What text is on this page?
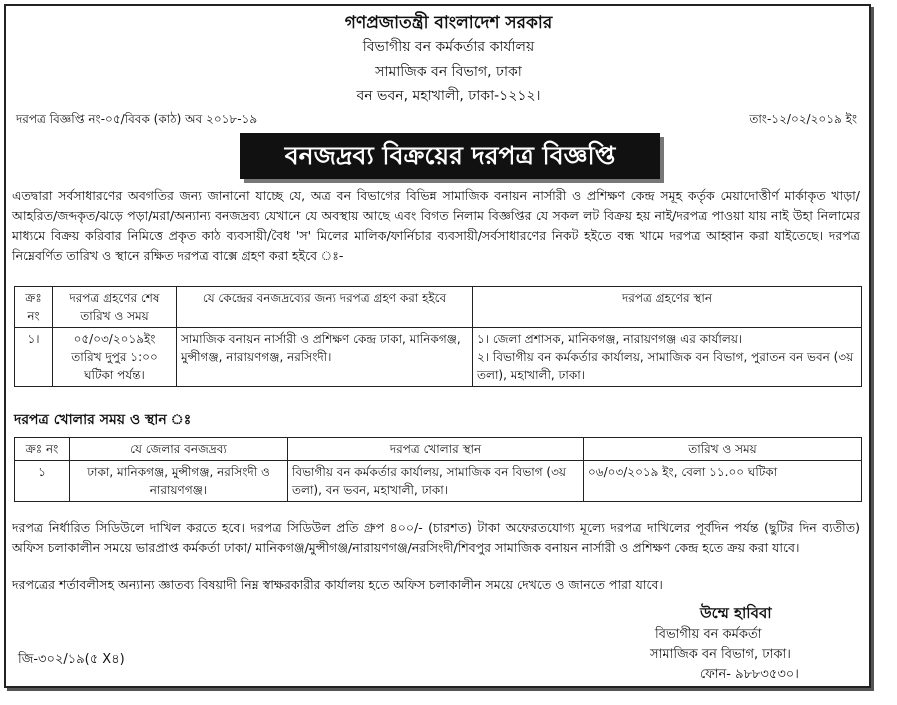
গণপ্রজাতন্ত্রী বাংলাদেশ সরকার
বিভাগীয় বন কর্মকর্তার কার্যালয়
সামাজিক বন বিভাগ, ঢাকা
বন ভবন, মহাখালী, ঢাকা-১২১২।
দরপত্র বিজ্ঞপ্তি নং-০৫/বিবক (কাঠ) অব ২০১৮-১৯	তাং-১২/০২/২০১৯ ইং
বনজদ্রব্য বিক্রয়ের দরপত্র বিজ্ঞপ্তি
এতদ্বারা সর্বসাধারণের অবগতির জন্য জানানো যাচ্ছে যে, অত্র বন বিভাগের বিভিন্ন সামাজিক বনায়ন নার্সারী ও প্রশিক্ষণ কেন্দ্র সমূহ কর্তৃক মেয়াদোত্তীর্ণ মার্কাকৃত খাড়া/আহরিত/জব্দকৃত/ঝড়ে পড়া/মরা/অন্যান্য বনজদ্রব্য যেখানে যে অবস্থায় আছে এবং বিগত নিলাম বিজ্ঞপ্তির যে সকল লট বিক্রয় হয় নাই/দরপত্র পাওয়া যায় নাই উহা নিলামের মাধ্যমে বিক্রয় করিবার নিমিত্তে প্রকৃত কাঠ ব্যবসায়ী/বৈধ 'স' মিলের মালিক/ফার্নিচার ব্যবসায়ী/সর্বসাধারণের নিকট হইতে বন্ধ খামে দরপত্র আহ্বান করা যাইতেছে। দরপত্র নিম্নেবর্ণিত তারিখ ও স্থানে রক্ষিত দরপত্র বাক্সে গ্রহণ করা হইবে ঃ-
ক্রঃ নং	দরপত্র গ্রহণের শেষ তারিখ ও সময়	যে কেন্দ্রের বনজদ্রব্যের জন্য দরপত্র গ্রহণ করা হইবে	দরপত্র গ্রহণের স্থান
১।	০৫/০৩/২০১৯ইং তারিখ দুপুর ১:০০ ঘটিকা পর্যন্ত।	সামাজিক বনায়ন নার্সারী ও প্রশিক্ষণ কেন্দ্র ঢাকা, মানিকগঞ্জ, মুন্সীগঞ্জ, নারায়ণগঞ্জ, নরসিংদী।	১। জেলা প্রশাসক, মানিকগঞ্জ, নারায়ণগঞ্জ এর কার্যালয়।
২। বিভাগীয় বন কর্মকর্তার কার্যালয়, সামাজিক বন বিভাগ, পুরাতন বন ভবন (৩য় তলা), মহাখালী, ঢাকা।
দরপত্র খোলার সময় ও স্থান ঃ
ক্রঃ নং	যে জেলার বনজদ্রব্য	দরপত্র খোলার স্থান	তারিখ ও সময়
১	ঢাকা, মানিকগঞ্জ, মুন্সীগঞ্জ, নরসিংদী ও নারায়ণগঞ্জ।	বিভাগীয় বন কর্মকর্তার কার্যালয়, সামাজিক বন বিভাগ (৩য় তলা), বন ভবন, মহাখালী, ঢাকা।	০৬/০৩/২০১৯ ইং, বেলা ১১.০০ ঘটিকা
দরপত্র নির্ধারিত সিডিউলে দাখিল করতে হবে। দরপত্র সিডিউল প্রতি গ্রুপ ৪০০/- (চারশত) টাকা অফেরতযোগ্য মূল্যে দরপত্র দাখিলের পূর্বদিন পর্যন্ত (ছুটির দিন ব্যতীত) অফিস চলাকালীন সময়ে ভারপ্রাপ্ত কর্মকর্তা ঢাকা/ মানিকগঞ্জ/মুন্সীগঞ্জ/নারায়ণগঞ্জ/নরসিংদী/শিবপুর সামাজিক বনায়ন নার্সারী ও প্রশিক্ষণ কেন্দ্র হতে ক্রয় করা যাবে।
দরপত্রের শর্তাবলীসহ অন্যান্য জ্ঞাতব্য বিষয়াদী নিম্ন স্বাক্ষরকারীর কার্যালয় হতে অফিস চলাকালীন সময়ে দেখতে ও জানতে পারা যাবে।
উম্মে হাবিবা
বিভাগীয় বন কর্মকর্তা
সামাজিক বন বিভাগ, ঢাকা।
ফোন- ৯৮৮৩৫৩০।
জি-৩০২/১৯(৫ X৪)
